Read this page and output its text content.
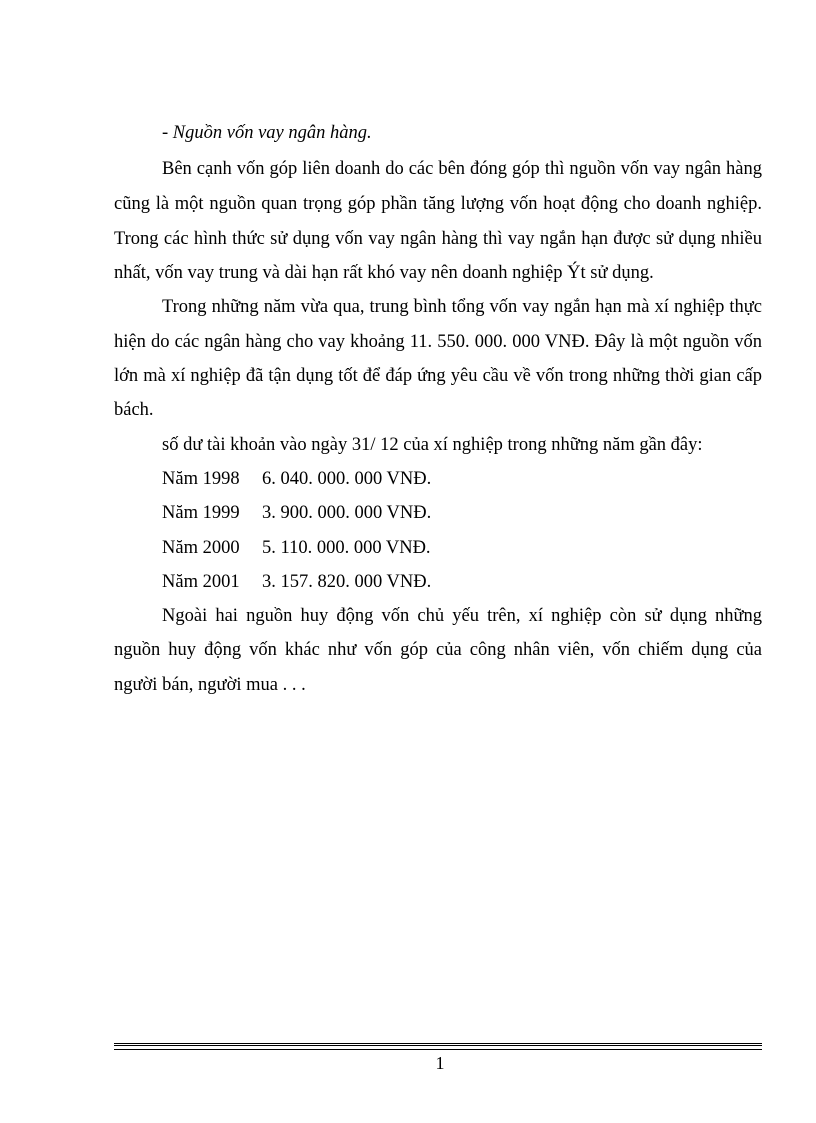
- Nguồn vốn vay ngân hàng.
Bên cạnh vốn góp liên doanh do các bên đóng góp thì nguồn vốn vay ngân hàng
cũng là một nguồn quan trọng góp phần tăng lượng vốn hoạt động cho doanh nghiệp.
Trong các hình thức sử dụng vốn vay ngân hàng thì vay ngắn hạn được sử dụng nhiều
nhất, vốn vay trung và dài hạn rất khó vay nên doanh nghiệp Ýt sử dụng.
Trong những năm vừa qua, trung bình tổng vốn vay ngắn hạn mà xí nghiệp thực
hiện do các ngân hàng cho vay khoảng 11. 550. 000. 000 VNĐ. Đây là một nguồn vốn
lớn mà xí nghiệp đã tận dụng tốt để đáp ứng yêu cầu về vốn trong những thời gian cấp
bách.
số dư tài khoản vào ngày 31/ 12 của xí nghiệp trong những năm gần đây:
Năm 1998 6. 040. 000. 000 VNĐ.
Năm 1999 3. 900. 000. 000 VNĐ.
Năm 2000 5. 110. 000. 000 VNĐ.
Năm 2001 3. 157. 820. 000 VNĐ.
Ngoài hai nguồn huy động vốn chủ yếu trên, xí nghiệp còn sử dụng những
nguồn huy động vốn khác như vốn góp của công nhân viên, vốn chiếm dụng của
người bán, người mua . . .
1
